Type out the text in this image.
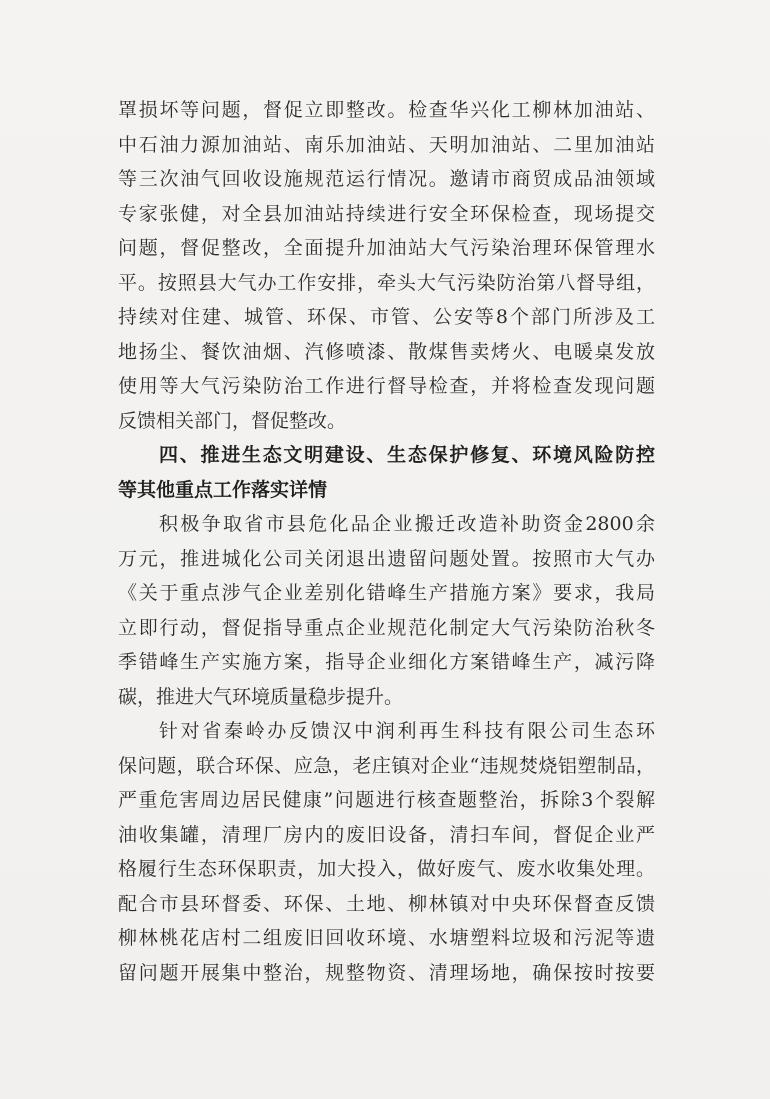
罩损坏等问题，督促立即整改。检查华兴化工柳林加油站、
中石油力源加油站、南乐加油站、天明加油站、二里加油站
等三次油气回收设施规范运行情况。邀请市商贸成品油领域
专家张健，对全县加油站持续进行安全环保检查，现场提交
问题，督促整改，全面提升加油站大气污染治理环保管理水
平。按照县大气办工作安排，牵头大气污染防治第八督导组，
持续对住建、城管、环保、市管、公安等8个部门所涉及工
地扬尘、餐饮油烟、汽修喷漆、散煤售卖烤火、电暖桌发放
使用等大气污染防治工作进行督导检查，并将检查发现问题
反馈相关部门，督促整改。
四、推进生态文明建设、生态保护修复、环境风险防控
等其他重点工作落实详情
积极争取省市县危化品企业搬迁改造补助资金2800余
万元，推进城化公司关闭退出遗留问题处置。按照市大气办
《关于重点涉气企业差别化错峰生产措施方案》要求，我局
立即行动，督促指导重点企业规范化制定大气污染防治秋冬
季错峰生产实施方案，指导企业细化方案错峰生产，减污降
碳，推进大气环境质量稳步提升。
针对省秦岭办反馈汉中润利再生科技有限公司生态环
保问题，联合环保、应急，老庄镇对企业“违规焚烧铝塑制品，
严重危害周边居民健康”问题进行核查题整治，拆除3个裂解
油收集罐，清理厂房内的废旧设备，清扫车间，督促企业严
格履行生态环保职责，加大投入，做好废气、废水收集处理。
配合市县环督委、环保、土地、柳林镇对中央环保督查反馈
柳林桃花店村二组废旧回收环境、水塘塑料垃圾和污泥等遗
留问题开展集中整治，规整物资、清理场地，确保按时按要
